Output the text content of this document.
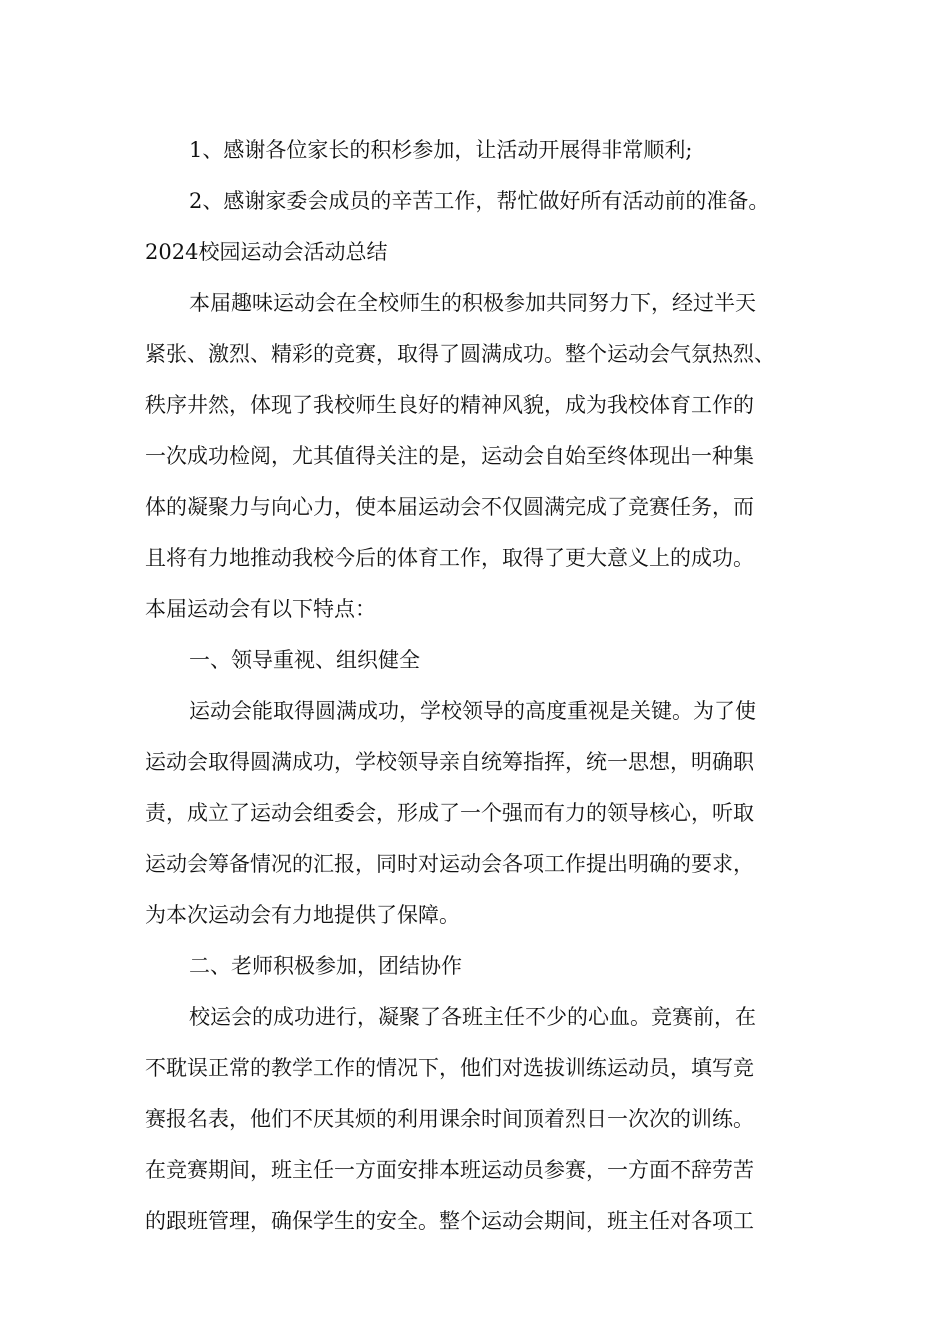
1、感谢各位家长的积杉参加，让活动开展得非常顺利;
2、感谢家委会成员的辛苦工作，帮忙做好所有活动前的准备。
2024校园运动会活动总结
本届趣味运动会在全校师生的积极参加共同努力下，经过半天
紧张、激烈、精彩的竞赛，取得了圆满成功。整个运动会气氛热烈、
秩序井然，体现了我校师生良好的精神风貌，成为我校体育工作的
一次成功检阅，尤其值得关注的是，运动会自始至终体现出一种集
体的凝聚力与向心力，使本届运动会不仅圆满完成了竞赛任务，而
且将有力地推动我校今后的体育工作，取得了更大意义上的成功。
本届运动会有以下特点：
一、领导重视、组织健全
运动会能取得圆满成功，学校领导的高度重视是关键。为了使
运动会取得圆满成功，学校领导亲自统筹指挥，统一思想，明确职
责，成立了运动会组委会，形成了一个强而有力的领导核心，听取
运动会筹备情况的汇报，同时对运动会各项工作提出明确的要求，
为本次运动会有力地提供了保障。
二、老师积极参加，团结协作
校运会的成功进行，凝聚了各班主任不少的心血。竞赛前，在
不耽误正常的教学工作的情况下，他们对选拔训练运动员，填写竞
赛报名表，他们不厌其烦的利用课余时间顶着烈日一次次的训练。
在竞赛期间，班主任一方面安排本班运动员参赛，一方面不辞劳苦
的跟班管理，确保学生的安全。整个运动会期间，班主任对各项工
